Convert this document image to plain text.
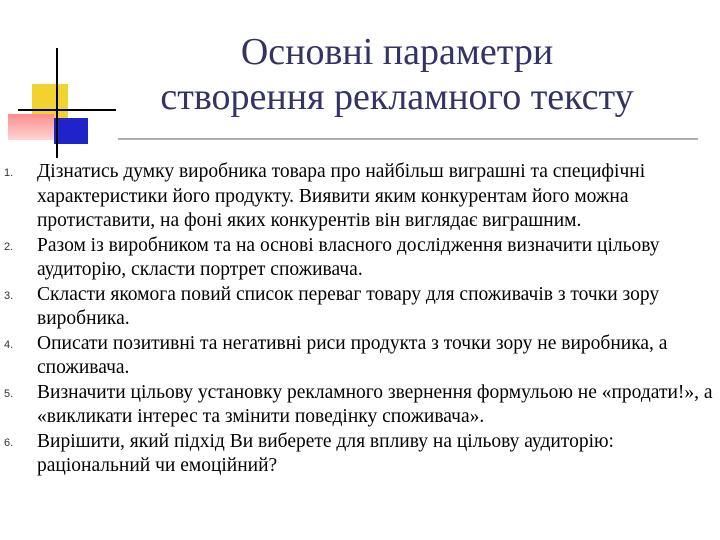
Основні параметри
створення рекламного тексту
1. Дізнатись думку виробника товара про найбільш виграшні та специфічні характеристики його продукту. Виявити яким конкурентам його можна протиставити, на фоні яких конкурентів він виглядає виграшним.
2. Разом із виробником та на основі власного дослідження визначити цільову аудиторію, скласти портрет споживача.
3. Скласти якомога повий список переваг товару для споживачів з точки зору виробника.
4. Описати позитивні та негативні риси продукта з точки зору не виробника, а споживача.
5. Визначити цільову установку рекламного звернення формульою не «продати!», а «викликати інтерес та змінити поведінку споживача».
6. Вирішити, який підхід Ви виберете для впливу на цільову аудиторію: раціональний чи емоційний?
